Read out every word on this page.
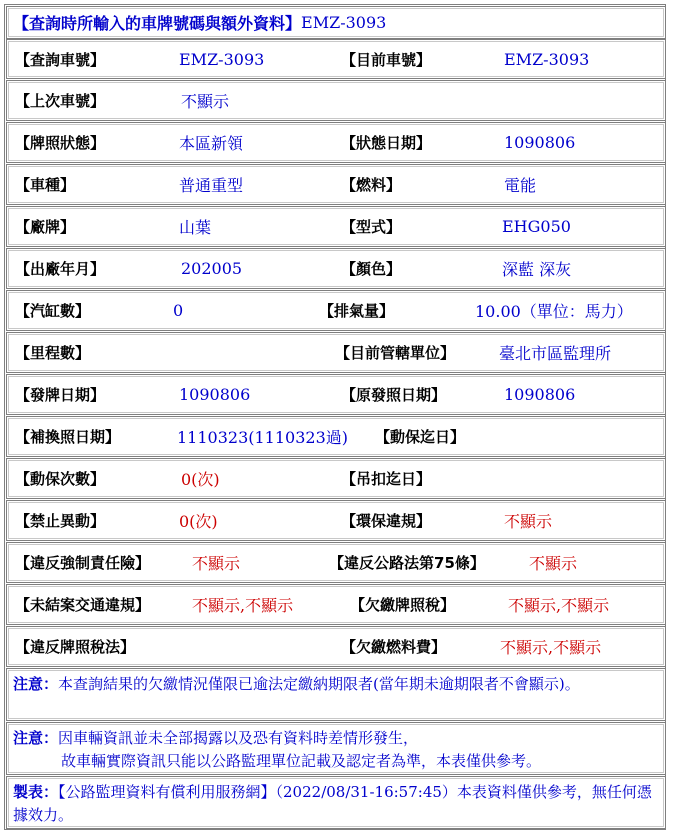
【查詢時所輸入的車牌號碼與額外資料】 EMZ-3093
【查詢車號】	EMZ-3093	【目前車號】	EMZ-3093
【上次車號】	不顯示
【牌照狀態】	本區新領	【狀態日期】	1090806
【車種】	普通重型	【燃料】	電能
【廠牌】	山葉	【型式】	EHG050
【出廠年月】	202005	【顏色】	深藍 深灰
【汽缸數】	0	【排氣量】	10.00（單位：馬力）
【里程數】	【目前管轄單位】	臺北市區監理所
【發牌日期】	1090806	【原發照日期】	1090806
【補換照日期】	1110323(1110323過) 【動保迄日】
【動保次數】	0(次)	【吊扣迄日】
【禁止異動】	0(次)	【環保違規】	不顯示
【違反強制責任險】	不顯示	【違反公路法第75條】	不顯示
【未結案交通違規】	不顯示,不顯示	【欠繳牌照稅】	不顯示,不顯示
【違反牌照稅法】	【欠繳燃料費】	不顯示,不顯示
注意：本查詢結果的欠繳情況僅限已逾法定繳納期限者(當年期未逾期限者不會顯示)。
注意：因車輛資訊並未全部揭露以及恐有資料時差情形發生，
故車輛實際資訊只能以公路監理單位記載及認定者為準，本表僅供參考。
製表：【公路監理資料有償利用服務網】（2022/08/31-16:57:45）本表資料僅供參考，無任何憑據效力。
